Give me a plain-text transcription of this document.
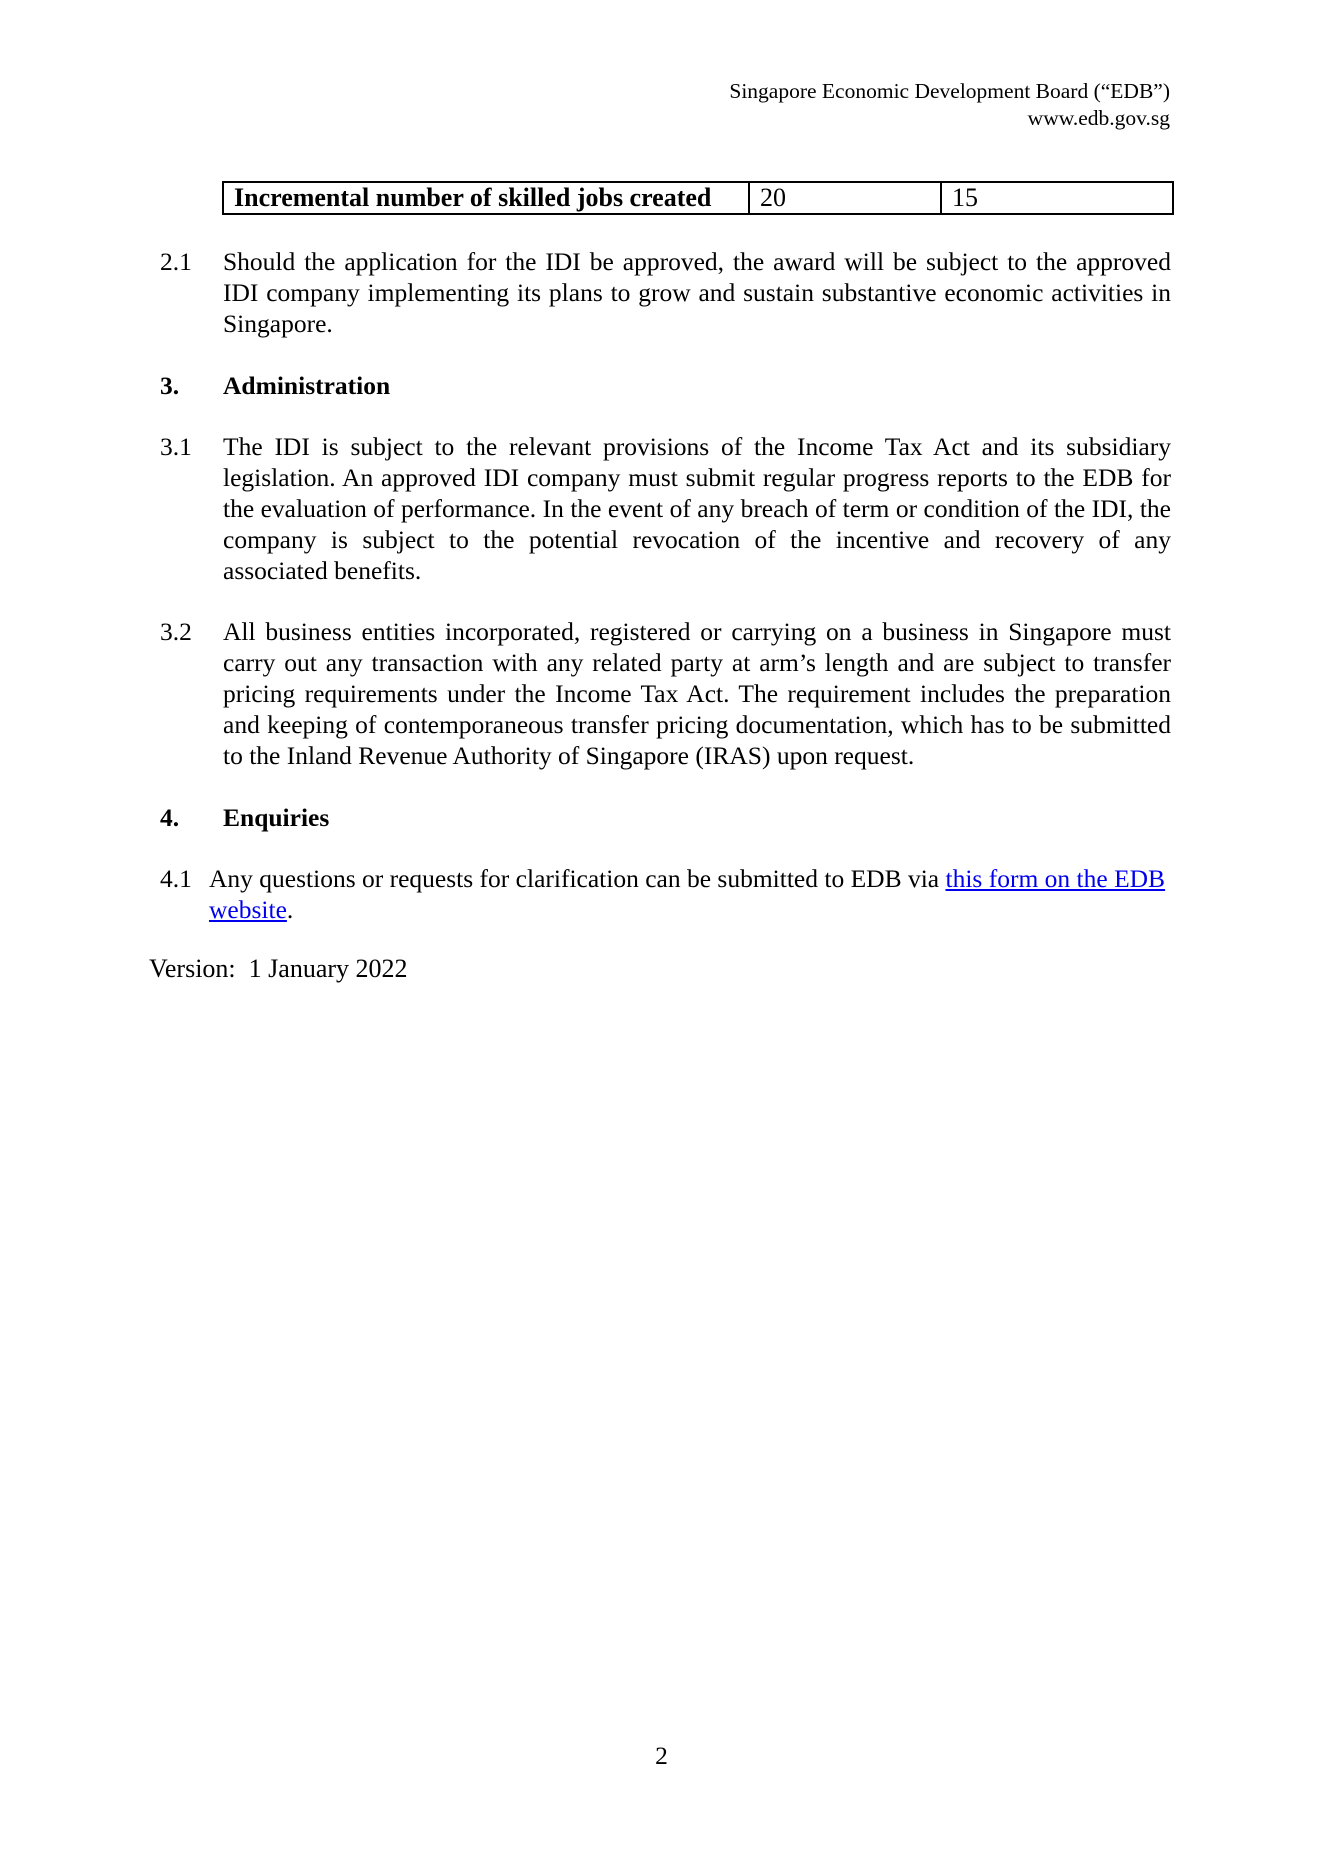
Singapore Economic Development Board (“EDB”)
www.edb.gov.sg
Incremental number of skilled jobs created	20	15
2.1 Should the application for the IDI be approved, the award will be subject to the approved IDI company implementing its plans to grow and sustain substantive economic activities in Singapore.
3. Administration
3.1 The IDI is subject to the relevant provisions of the Income Tax Act and its subsidiary legislation. An approved IDI company must submit regular progress reports to the EDB for the evaluation of performance. In the event of any breach of term or condition of the IDI, the company is subject to the potential revocation of the incentive and recovery of any associated benefits.
3.2 All business entities incorporated, registered or carrying on a business in Singapore must carry out any transaction with any related party at arm’s length and are subject to transfer pricing requirements under the Income Tax Act. The requirement includes the preparation and keeping of contemporaneous transfer pricing documentation, which has to be submitted to the Inland Revenue Authority of Singapore (IRAS) upon request.
4. Enquiries
4.1 Any questions or requests for clarification can be submitted to EDB via this form on the EDB website.
Version: 1 January 2022
2
